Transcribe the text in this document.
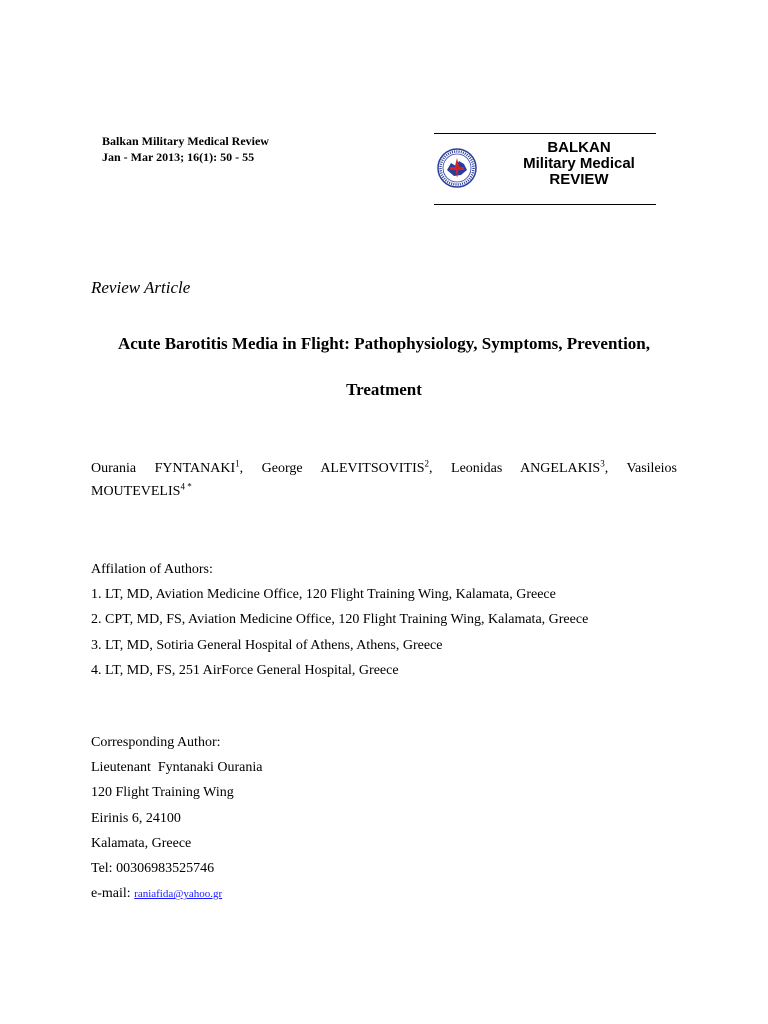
Balkan Military Medical Review
Jan - Mar 2013; 16(1): 50 - 55
BALKAN
Military Medical
REVIEW
Review Article
Acute Barotitis Media in Flight: Pathophysiology, Symptoms, Prevention,
Treatment
Ourania FYNTANAKI$^1$, George ALEVITSOVITIS$^2$, Leonidas ANGELAKIS$^3$, Vasileios
$MOUTEVELIS^{4 *}$
Affilation of Authors:
1. LT, MD, Aviation Medicine Office, 120 Flight Training Wing, Kalamata, Greece
2. CPT, MD, FS, Aviation Medicine Office, 120 Flight Training Wing, Kalamata, Greece
3. LT, MD, Sotiria General Hospital of Athens, Athens, Greece
4. LT, MD, FS, 251 AirForce General Hospital, Greece
Corresponding Author:
Lieutenant  Fyntanaki Ourania
120 Flight Training Wing
Eirinis 6, 24100
Kalamata, Greece
Tel: 00306983525746
e-mail: raniafida@yahoo.gr
